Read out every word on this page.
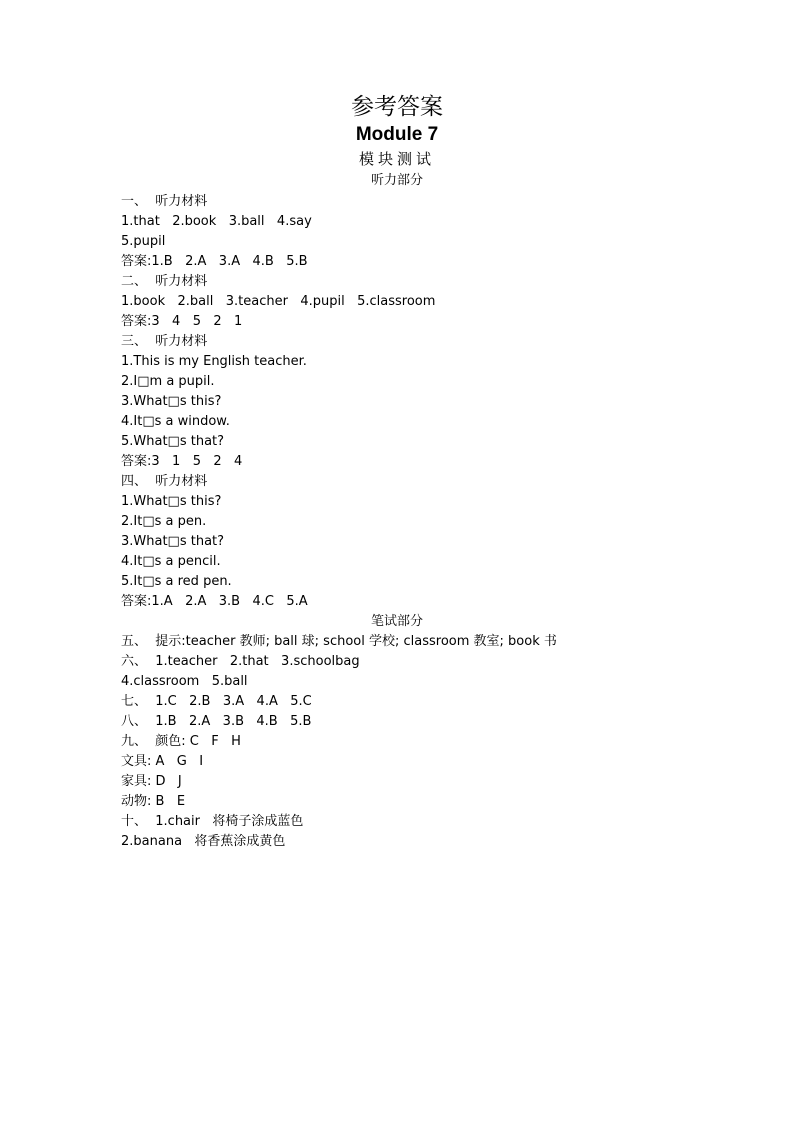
参考答案
Module 7
模块测试
听力部分
一、  听力材料
1.that   2.book   3.ball   4.say
5.pupil
答案:1.B   2.A   3.A   4.B   5.B
二、  听力材料
1.book   2.ball   3.teacher   4.pupil   5.classroom
答案:3   4   5   2   1
三、  听力材料
1.This is my English teacher.
2.I□m a pupil.
3.What□s this?
4.It□s a window.
5.What□s that?
答案:3   1   5   2   4
四、  听力材料
1.What□s this?
2.It□s a pen.
3.What□s that?
4.It□s a pencil.
5.It□s a red pen.
答案:1.A   2.A   3.B   4.C   5.A
笔试部分
五、  提示:teacher 教师; ball 球; school 学校; classroom 教室; book 书
六、  1.teacher   2.that   3.schoolbag
4.classroom   5.ball
七、  1.C   2.B   3.A   4.A   5.C
八、  1.B   2.A   3.B   4.B   5.B
九、  颜色: C   F   H
文具: A   G   I
家具: D   J
动物: B   E
十、  1.chair   将椅子涂成蓝色
2.banana   将香蕉涂成黄色
